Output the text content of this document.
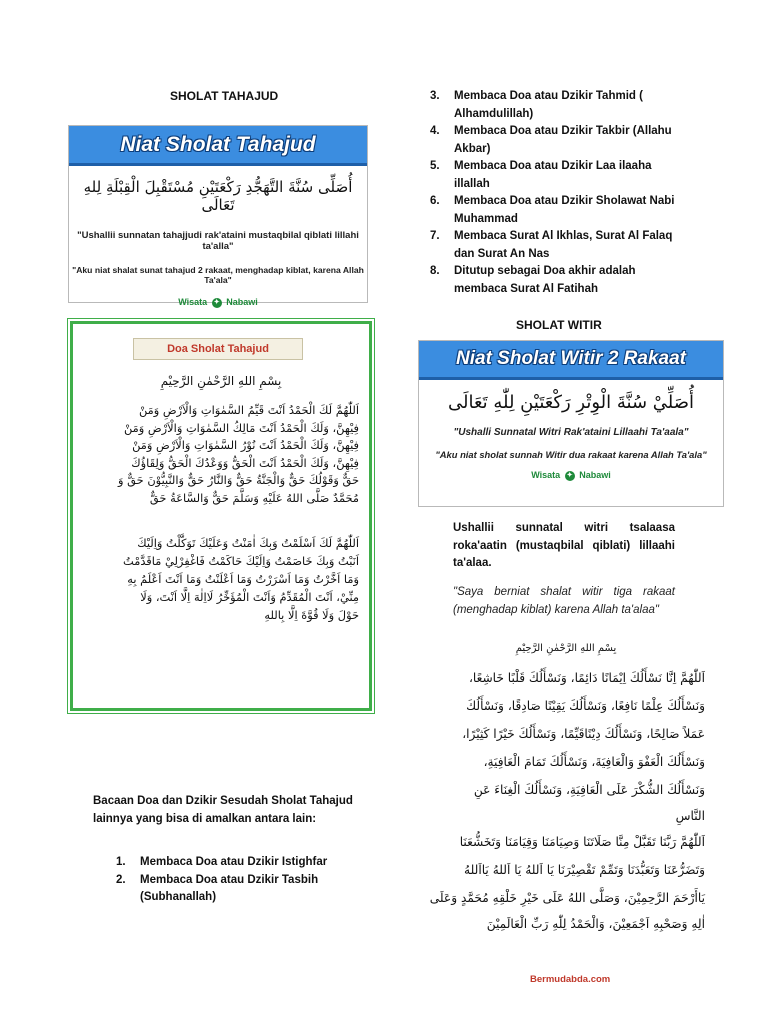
SHOLAT TAHAJUD
Niat Sholat Tahajud
أُصَلِّى سُنَّةَ التَّهَجُّدِ رَكْعَتَيْنِ مُسْتَقْبِلَ الْقِبْلَةِ لِلهِ تَعَالَى
"Ushallii sunnatan tahajjudi rak'ataini mustaqbilal qiblati lillahi ta'alla"
"Aku niat shalat sunat tahajud 2 rakaat, menghadap kiblat, karena Allah Ta'ala"
Wisata ✦ Nabawi
Doa Sholat Tahajud
بِسْمِ اللهِ الرَّحْمٰنِ الرَّحِيْمِ
اَللّٰهُمَّ لَكَ الْحَمْدُ اَنْتَ قَيِّمُ السَّمٰوَاتِ وَالْاَرْضِ وَمَنْ
فِيْهِنَّ، وَلَكَ الْحَمْدُ اَنْتَ مَالِكُ السَّمٰوَاتِ وَالْاَرْضِ وَمَنْ
فِيْهِنَّ، وَلَكَ الْحَمْدُ اَنْتَ نُوْرُ السَّمٰوَاتِ وَالْاَرْضِ وَمَنْ
فِيْهِنَّ، وَلَكَ الْحَمْدُ اَنْتَ الْحَقُّ وَوَعْدُكَ الْحَقُّ وَلِقَاؤُكَ
حَقٌّ وَقَوْلُكَ حَقٌّ وَالْجَنَّةُ حَقٌّ وَالنَّارُ حَقٌّ وَالنَّبِيُّوْنَ حَقٌّ وَ
مُحَمَّدٌ صَلَّى اللهُ عَلَيْهِ وَسَلَّمَ حَقٌّ وَالسَّاعَةُ حَقٌّ
اَللّٰهُمَّ لَكَ اَسْلَمْتُ وَبِكَ اٰمَنْتُ وَعَلَيْكَ تَوَكَّلْتُ وَاِلَيْكَ
اَنَبْتُ وَبِكَ خَاصَمْتُ وَاِلَيْكَ حَاكَمْتُ فَاغْفِرْلِيْ مَاقَدَّمْتُ
وَمَا اَخَّرْتُ وَمَا اَسْرَرْتُ وَمَا اَعْلَنْتُ وَمَا اَنْتَ اَعْلَمُ بِهِ
مِنِّيْ، اَنْتَ الْمُقَدِّمُ وَاَنْتَ الْمُؤَخِّرُ لَااِلٰهَ اِلَّا اَنْتَ، وَلَا
حَوْلَ وَلَا قُوَّةَ اِلَّا بِاللهِ
Bacaan Doa dan Dzikir Sesudah Sholat Tahajud lainnya yang bisa di amalkan antara lain:
1.	Membaca Doa atau Dzikir Istighfar
2.	Membaca Doa atau Dzikir Tasbih (Subhanallah)
3.	Membaca Doa atau Dzikir Tahmid ( Alhamdulillah)
4.	Membaca Doa atau Dzikir Takbir (Allahu Akbar)
5.	Membaca Doa atau Dzikir Laa ilaaha illallah
6.	Membaca Doa atau Dzikir Sholawat Nabi Muhammad
7.	Membaca Surat Al Ikhlas, Surat Al Falaq dan Surat An Nas
8.	Ditutup sebagai Doa akhir adalah membaca Surat Al Fatihah
SHOLAT WITIR
Niat Sholat Witir 2 Rakaat
أُصَلِّيْ سُنَّةَ الْوِتْرِ رَكْعَتَيْنِ لِلّٰهِ تَعَالَى
"Ushalli Sunnatal Witri Rak'ataini Lillaahi Ta'aala"
"Aku niat sholat sunnah Witir dua rakaat karena Allah Ta'ala"
Wisata ✦ Nabawi
Ushallii sunnatal witri tsalaasa roka'aatin (mustaqbilal qiblati) lillaahi ta'alaa.
"Saya berniat shalat witir tiga rakaat (menghadap kiblat) karena Allah ta'alaa"
بِسْمِ اللهِ الرَّحْمٰنِ الرَّحِيْمِ
اَللّٰهُمَّ اِنَّا نَسْأَلُكَ اِيْمَانًا دَائِمًا، وَنَسْأَلُكَ قَلْبًا خَاشِعًا،
وَنَسْأَلُكَ عِلْمًا نَافِعًا، وَنَسْأَلُكَ يَقِيْنًا صَادِقًا، وَنَسْأَلُكَ
عَمَلاً صَالِحًا، وَنَسْأَلُكَ دِيْنًاقَيِّمًا، وَنَسْأَلُكَ خَيْرًا كَثِيْرًا،
وَنَسْأَلُكَ الْعَفْوَ وَالْعَافِيَةَ، وَنَسْأَلُكَ تَمَامَ الْعَافِيَةِ،
وَنَسْأَلُكَ الشُّكْرَ عَلَى الْعَافِيَةِ، وَنَسْأَلُكَ الْغِنَاءَ عَنِ
النَّاسِ
اَللّٰهُمَّ رَبَّنَا تَقَبَّلْ مِنَّا صَلَاتَنَا وَصِيَامَنَا وَقِيَامَنَا وَتَخَشُّعَنَا
وَتَضَرُّعَنَا وَتَعَبُّدَنَا وَتَمِّمْ تَقْصِيْرَنَا يَا اَللهُ يَا اَللهُ يَااَللهُ
يَاأَرْحَمَ الرَّحِمِيْنَ، وَصَلَّى اللهُ عَلَى خَيْرِ خَلْقِهِ مُحَمَّدٍ وَعَلَى
اٰلِهِ وَصَحْبِهِ اَجْمَعِيْنَ، وَالْحَمْدُ لِلّٰهِ رَبِّ الْعَالَمِيْنَ
Bermudabda.com
